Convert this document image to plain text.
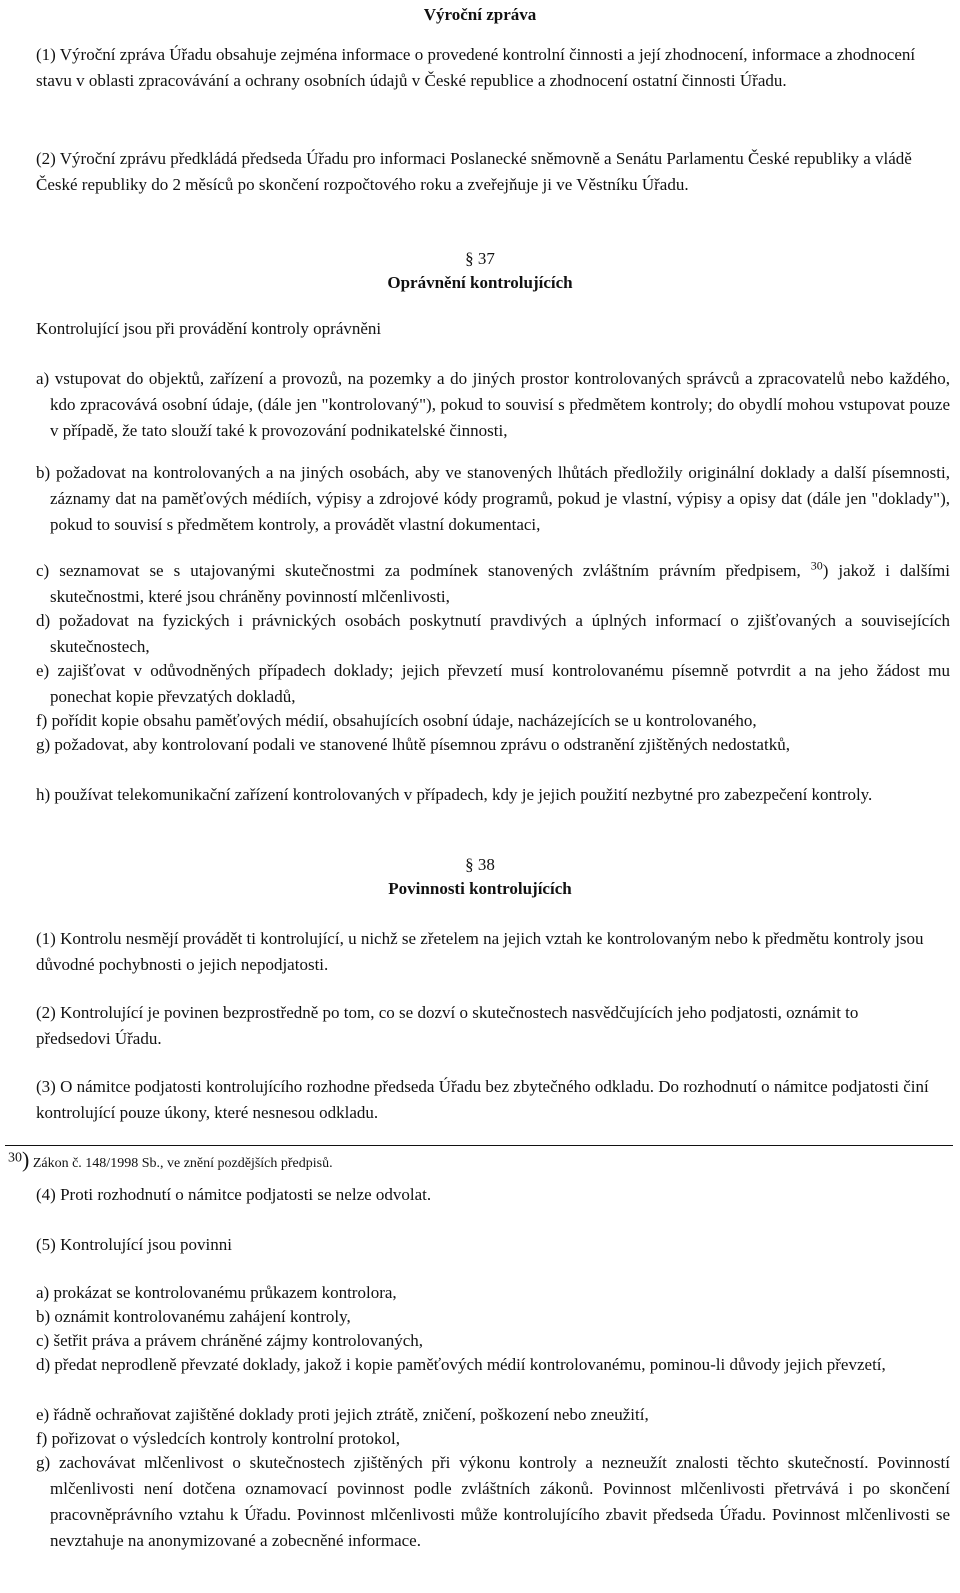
Výroční zpráva
(1) Výroční zpráva Úřadu obsahuje zejména informace o provedené kontrolní činnosti a její zhodnocení, informace a zhodnocení stavu v oblasti zpracovávání a ochrany osobních údajů v České republice a zhodnocení ostatní činnosti Úřadu.
(2) Výroční zprávu předkládá předseda Úřadu pro informaci Poslanecké sněmovně a Senátu Parlamentu České republiky a vládě České republiky do 2 měsíců po skončení rozpočtového roku a zveřejňuje ji ve Věstníku Úřadu.
§ 37
Oprávnění kontrolujících
Kontrolující jsou při provádění kontroly oprávněni
a) vstupovat do objektů, zařízení a provozů, na pozemky a do jiných prostor kontrolovaných správců a zpracovatelů nebo každého, kdo zpracovává osobní údaje, (dále jen "kontrolovaný"), pokud to souvisí s předmětem kontroly; do obydlí mohou vstupovat pouze v případě, že tato slouží také k provozování podnikatelské činnosti,
b) požadovat na kontrolovaných a na jiných osobách, aby ve stanovených lhůtách předložily originální doklady a další písemnosti, záznamy dat na paměťových médiích, výpisy a zdrojové kódy programů, pokud je vlastní, výpisy a opisy dat (dále jen "doklady"), pokud to souvisí s předmětem kontroly, a provádět vlastní dokumentaci,
c) seznamovat se s utajovanými skutečnostmi za podmínek stanovených zvláštním právním předpisem, $^{30}$) jakož i dalšími skutečnostmi, které jsou chráněny povinností mlčenlivosti,
d) požadovat na fyzických i právnických osobách poskytnutí pravdivých a úplných informací o zjišťovaných a souvisejících skutečnostech,
e) zajišťovat v odůvodněných případech doklady; jejich převzetí musí kontrolovanému písemně potvrdit a na jeho žádost mu ponechat kopie převzatých dokladů,
f) pořídit kopie obsahu paměťových médií, obsahujících osobní údaje, nacházejících se u kontrolovaného,
g) požadovat, aby kontrolovaní podali ve stanovené lhůtě písemnou zprávu o odstranění zjištěných nedostatků,
h) používat telekomunikační zařízení kontrolovaných v případech, kdy je jejich použití nezbytné pro zabezpečení kontroly.
§ 38
Povinnosti kontrolujících
(1) Kontrolu nesmějí provádět ti kontrolující, u nichž se zřetelem na jejich vztah ke kontrolovaným nebo k předmětu kontroly jsou důvodné pochybnosti o jejich nepodjatosti.
(2) Kontrolující je povinen bezprostředně po tom, co se dozví o skutečnostech nasvědčujících jeho podjatosti, oznámit to předsedovi Úřadu.
(3) O námitce podjatosti kontrolujícího rozhodne předseda Úřadu bez zbytečného odkladu. Do rozhodnutí o námitce podjatosti činí kontrolující pouze úkony, které nesnesou odkladu.
30) Zákon č. 148/1998 Sb., ve znění pozdějších předpisů.
(4) Proti rozhodnutí o námitce podjatosti se nelze odvolat.
(5) Kontrolující jsou povinni
a) prokázat se kontrolovanému průkazem kontrolora,
b) oznámit kontrolovanému zahájení kontroly,
c) šetřit práva a právem chráněné zájmy kontrolovaných,
d) předat neprodleně převzaté doklady, jakož i kopie paměťových médií kontrolovanému, pominou-li důvody jejich převzetí,
e) řádně ochraňovat zajištěné doklady proti jejich ztrátě, zničení, poškození nebo zneužití,
f) pořizovat o výsledcích kontroly kontrolní protokol,
g) zachovávat mlčenlivost o skutečnostech zjištěných při výkonu kontroly a nezneužít znalosti těchto skutečností. Povinností mlčenlivosti není dotčena oznamovací povinnost podle zvláštních zákonů. Povinnost mlčenlivosti přetrvává i po skončení pracovněprávního vztahu k Úřadu. Povinnost mlčenlivosti může kontrolujícího zbavit předseda Úřadu. Povinnost mlčenlivosti se nevztahuje na anonymizované a zobecněné informace.
